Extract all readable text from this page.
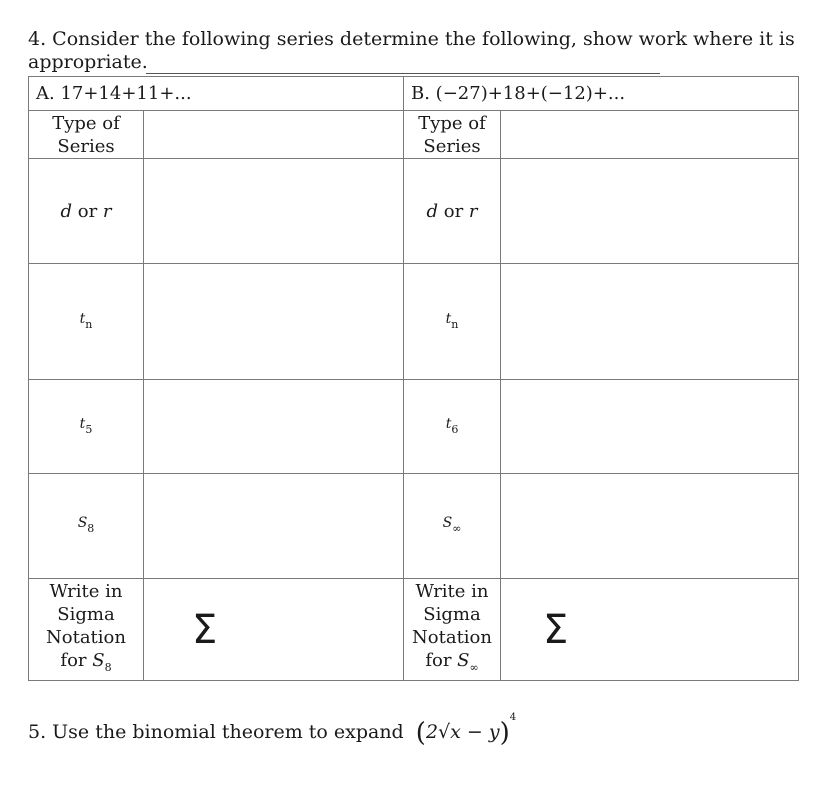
4. Consider the following series determine the following, show work where it is
appropriate.
A. 17+14+11+...		B. (−27)+18+(−12)+...	
Type of
Series		Type of
Series	
d or r		d or r	
$t_n$		$t_n$	
$t_5$		$t_6$	
$S_8$		$S_\infty$	
Write in
Sigma
Notation
for $S_8$	Σ	Write in
Sigma
Notation
for $S_\infty$	Σ
5. Use the binomial theorem to expand $(2√x - y)^4$
